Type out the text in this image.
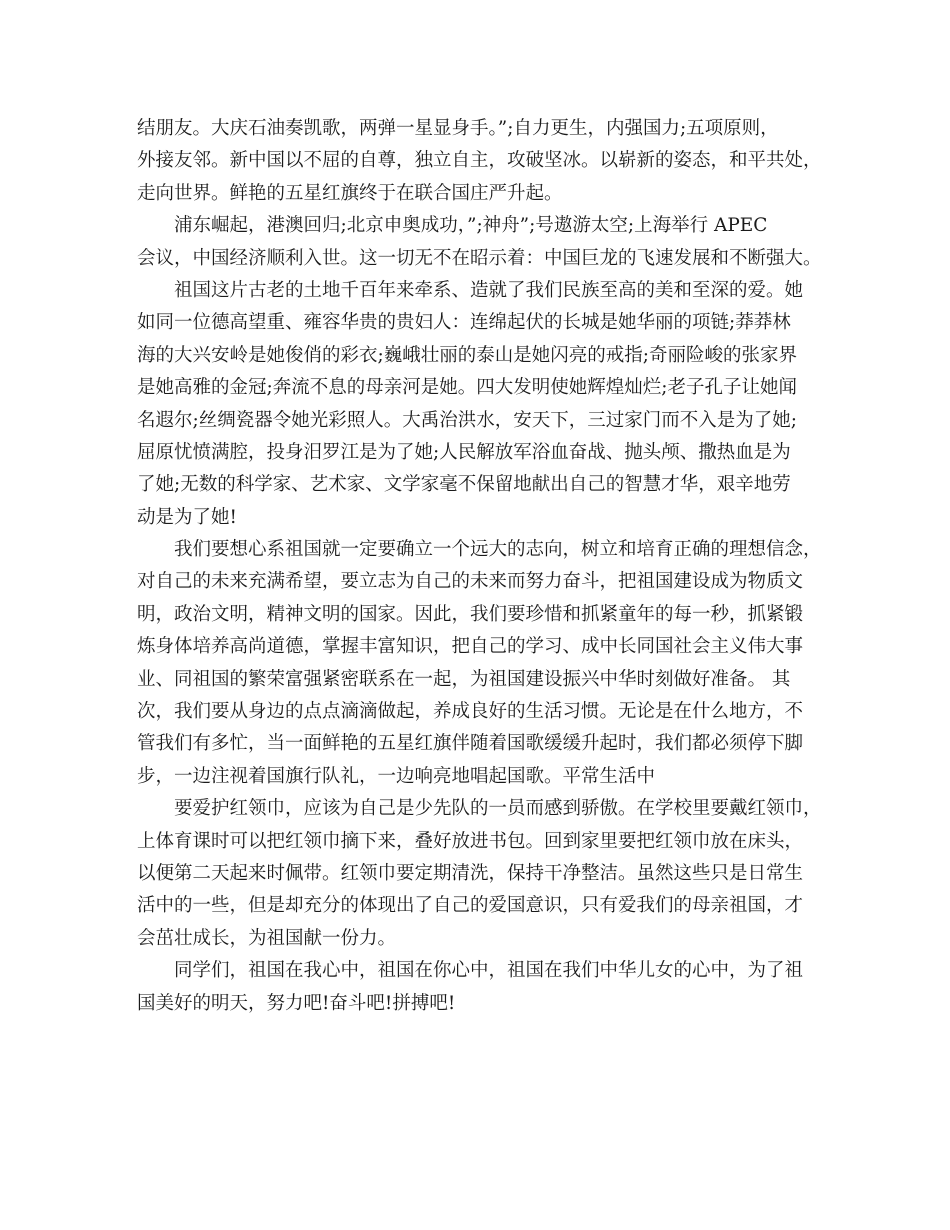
结朋友。大庆石油奏凯歌，两弹一星显身手。”;自力更生，内强国力;五项原则，
外接友邻。新中国以不屈的自尊，独立自主，攻破坚冰。以崭新的姿态，和平共处，
走向世界。鲜艳的五星红旗终于在联合国庄严升起。
浦东崛起，港澳回归;北京申奥成功，”;神舟”;号遨游太空;上海举行 APEC
会议，中国经济顺利入世。这一切无不在昭示着：中国巨龙的飞速发展和不断强大。
祖国这片古老的土地千百年来牵系、造就了我们民族至高的美和至深的爱。她
如同一位德高望重、雍容华贵的贵妇人：连绵起伏的长城是她华丽的项链;莽莽林
海的大兴安岭是她俊俏的彩衣;巍峨壮丽的泰山是她闪亮的戒指;奇丽险峻的张家界
是她高雅的金冠;奔流不息的母亲河是她。四大发明使她辉煌灿烂;老子孔子让她闻
名遐尔;丝绸瓷器令她光彩照人。大禹治洪水，安天下，三过家门而不入是为了她;
屈原忧愤满腔，投身汨罗江是为了她;人民解放军浴血奋战、抛头颅、撒热血是为
了她;无数的科学家、艺术家、文学家毫不保留地献出自己的智慧才华，艰辛地劳
动是为了她!
我们要想心系祖国就一定要确立一个远大的志向，树立和培育正确的理想信念，
对自己的未来充满希望，要立志为自己的未来而努力奋斗，把祖国建设成为物质文
明，政治文明，精神文明的国家。因此，我们要珍惜和抓紧童年的每一秒，抓紧锻
炼身体培养高尚道德，掌握丰富知识，把自己的学习、成中长同国社会主义伟大事
业、同祖国的繁荣富强紧密联系在一起，为祖国建设振兴中华时刻做好准备。 其
次，我们要从身边的点点滴滴做起，养成良好的生活习惯。无论是在什么地方，不
管我们有多忙，当一面鲜艳的五星红旗伴随着国歌缓缓升起时，我们都必须停下脚
步，一边注视着国旗行队礼，一边响亮地唱起国歌。平常生活中
要爱护红领巾，应该为自己是少先队的一员而感到骄傲。在学校里要戴红领巾，
上体育课时可以把红领巾摘下来，叠好放进书包。回到家里要把红领巾放在床头，
以便第二天起来时佩带。红领巾要定期清洗，保持干净整洁。虽然这些只是日常生
活中的一些，但是却充分的体现出了自己的爱国意识，只有爱我们的母亲祖国，才
会茁壮成长，为祖国献一份力。
同学们，祖国在我心中，祖国在你心中，祖国在我们中华儿女的心中，为了祖
国美好的明天，努力吧!奋斗吧!拼搏吧!
